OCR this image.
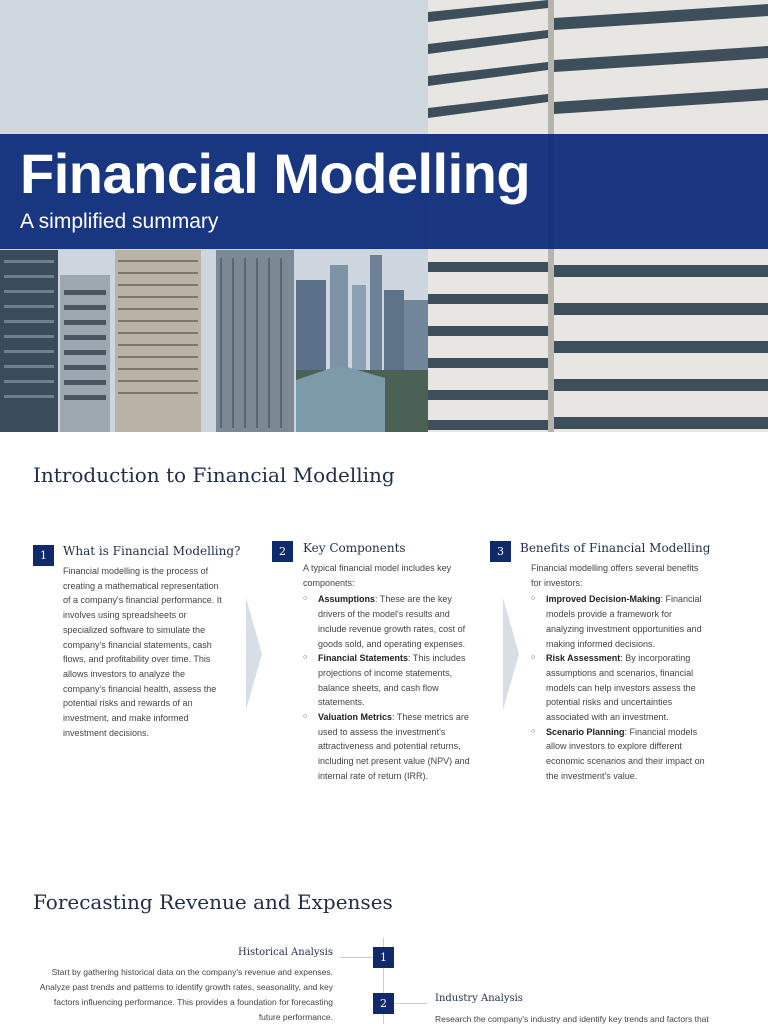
Financial Modelling
A simplified summary
Introduction to Financial Modelling
1	What is Financial Modelling?
Financial modelling is the process of creating a mathematical representation of a company's financial performance. It involves using spreadsheets or specialized software to simulate the company's financial statements, cash flows, and profitability over time. This allows investors to analyze the company's financial health, assess the potential risks and rewards of an investment, and make informed investment decisions.
2	Key Components
A typical financial model includes key components:
○ Assumptions: These are the key drivers of the model's results and include revenue growth rates, cost of goods sold, and operating expenses.
○ Financial Statements: This includes projections of income statements, balance sheets, and cash flow statements.
○ Valuation Metrics: These metrics are used to assess the investment's attractiveness and potential returns, including net present value (NPV) and internal rate of return (IRR).
3	Benefits of Financial Modelling
Financial modelling offers several benefits for investors:
○ Improved Decision-Making: Financial models provide a framework for analyzing investment opportunities and making informed decisions.
○ Risk Assessment: By incorporating assumptions and scenarios, financial models can help investors assess the potential risks and uncertainties associated with an investment.
○ Scenario Planning: Financial models allow investors to explore different economic scenarios and their impact on the investment's value.
Forecasting Revenue and Expenses
1
Historical Analysis
Start by gathering historical data on the company's revenue and expenses. Analyze past trends and patterns to identify growth rates, seasonality, and key factors influencing performance. This provides a foundation for forecasting future performance.
2	Industry Analysis
Research the company's industry and identify key trends and factors that
